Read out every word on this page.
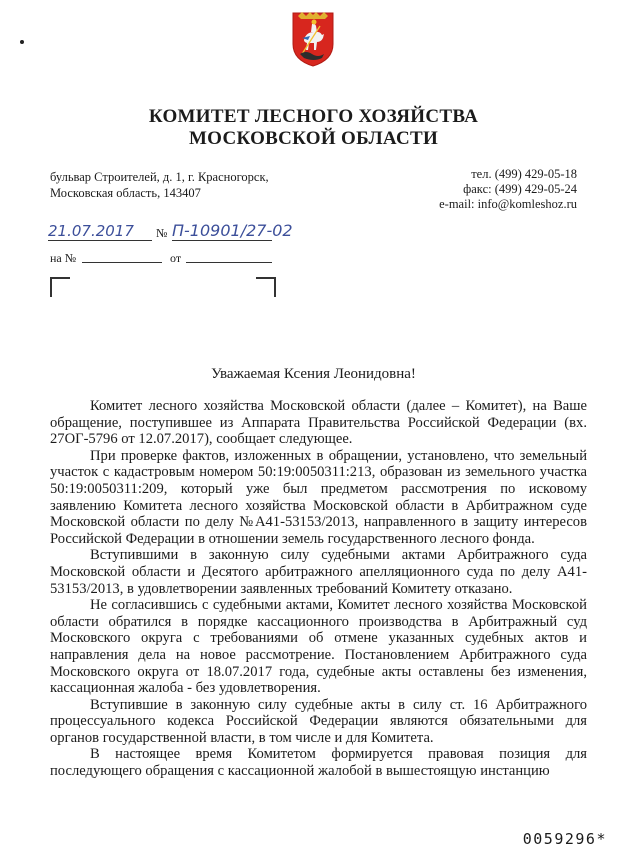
КОМИТЕТ ЛЕСНОГО ХОЗЯЙСТВА
МОСКОВСКОЙ ОБЛАСТИ
бульвар Строителей, д. 1, г. Красногорск,
Московская область, 143407
тел. (499) 429-05-18
факс: (499) 429-05-24
e-mail: info@komleshoz.ru
21.07.2017 № П-10901/27-02
на №	от
Уважаемая Ксения Леонидовна!

Комитет лесного хозяйства Московской области (далее – Комитет), на Ваше обращение, поступившее из Аппарата Правительства Российской Федерации (вх. 27ОГ-5796 от 12.07.2017), сообщает следующее.

При проверке фактов, изложенных в обращении, установлено, что земельный участок с кадастровым номером 50:19:0050311:213, образован из земельного участка 50:19:0050311:209, который уже был предметом рассмотрения по исковому заявлению Комитета лесного хозяйства Московской области в Арбитражном суде Московской области по делу №А41-53153/2013, направленного в защиту интересов Российской Федерации в отношении земель государственного лесного фонда.

Вступившими в законную силу судебными актами Арбитражного суда Московской области и Десятого арбитражного апелляционного суда по делу А41-53153/2013, в удовлетворении заявленных требований Комитету отказано.

Не согласившись с судебными актами, Комитет лесного хозяйства Московской области обратился в порядке кассационного производства в Арбитражный суд Московского округа с требованиями об отмене указанных судебных актов и направления дела на новое рассмотрение. Постановлением Арбитражного суда Московского округа от 18.07.2017 года, судебные акты оставлены без изменения, кассационная жалоба - без удовлетворения.

Вступившие в законную силу судебные акты в силу ст. 16 Арбитражного процессуального кодекса Российской Федерации являются обязательными для органов государственной власти, в том числе и для Комитета.

В настоящее время Комитетом формируется правовая позиция для последующего обращения с кассационной жалобой в вышестоящую инстанцию

0059296*
